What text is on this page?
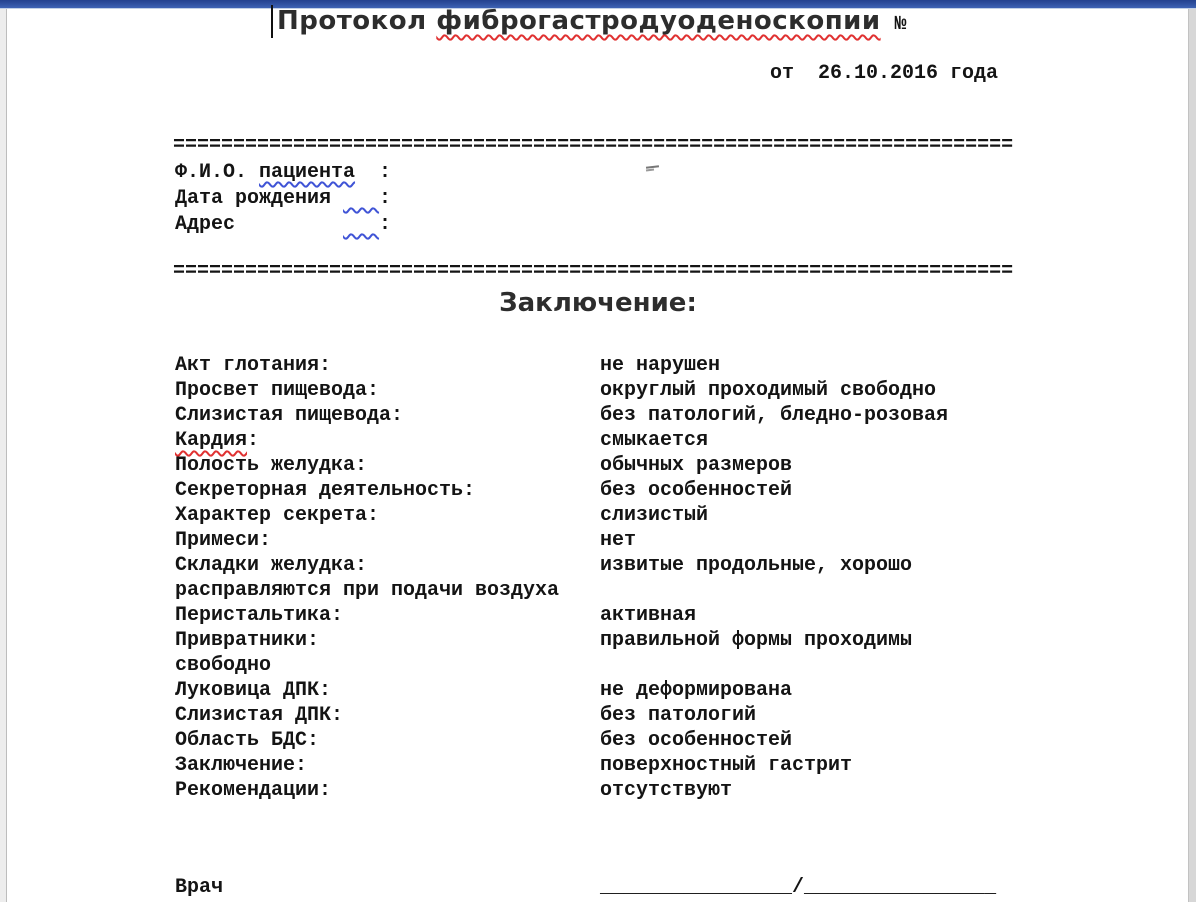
Протокол фиброгастродуоденоскопии №
от  26.10.2016 года
======================================================================
Ф.И.О. пациента  :
Дата рождения    :
Адрес            :
======================================================================
Заключение:
Акт глотания:	не нарушен
Просвет пищевода:	округлый проходимый свободно
Слизистая пищевода:	без патологий, бледно-розовая
Кардия:	смыкается
Полость желудка:	обычных размеров
Секреторная деятельность:	без особенностей
Характер секрета:	слизистый
Примеси:	нет
Складки желудка:	извитые продольные, хорошо
расправляются при подачи воздуха
Перистальтика:	активная
Привратники:	правильной формы проходимы
свободно
Луковица ДПК:	не деформирована
Слизистая ДПК:	без патологий
Область БДС:	без особенностей
Заключение:	поверхностный гастрит
Рекомендации:	отсутствуют
Врач	________________/________________
